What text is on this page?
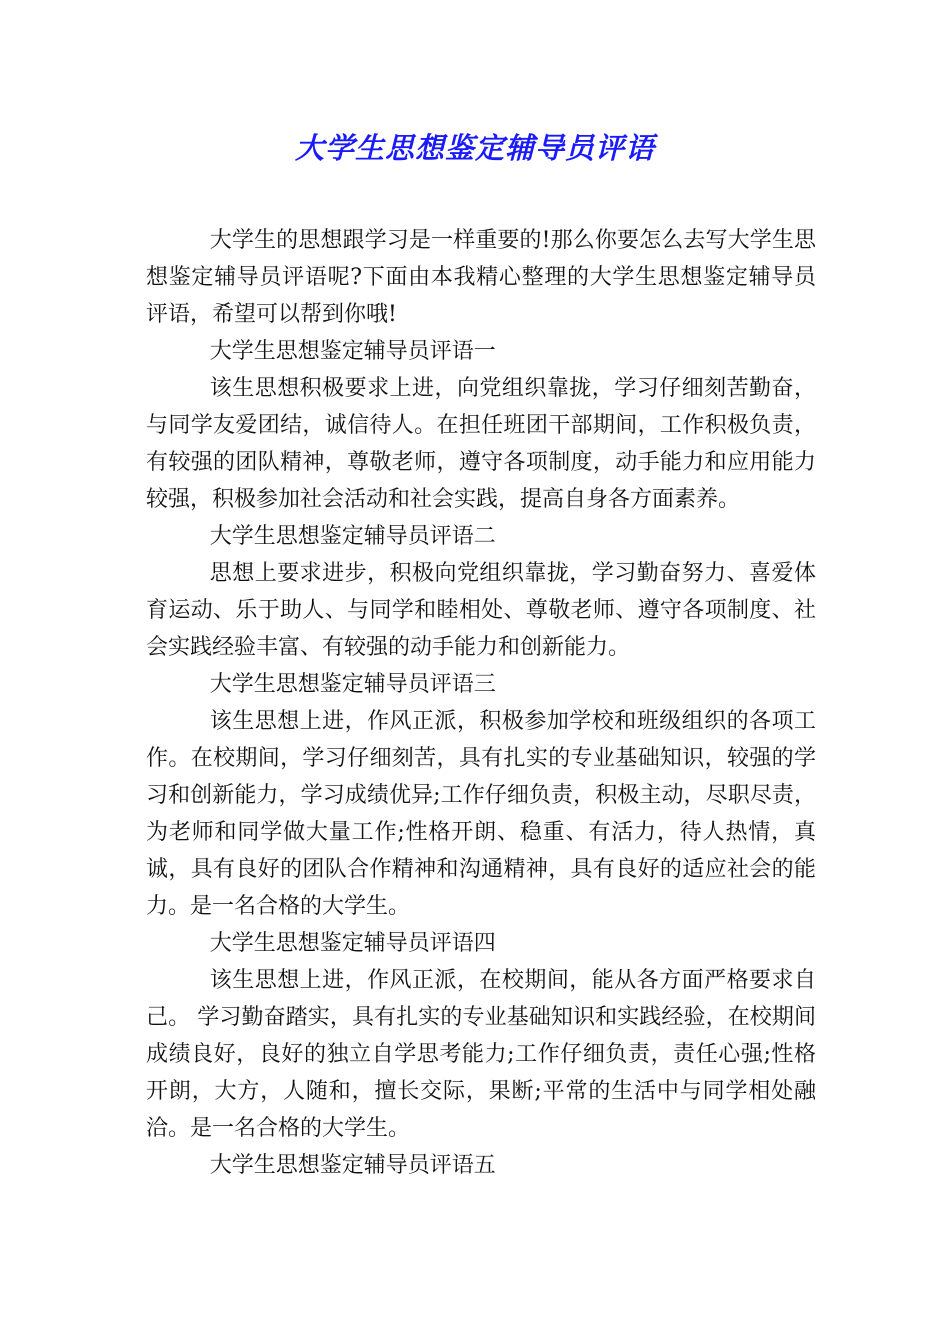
大学生思想鉴定辅导员评语

大学生的思想跟学习是一样重要的!那么你要怎么去写大学生思想鉴定辅导员评语呢?下面由本我精心整理的大学生思想鉴定辅导员评语，希望可以帮到你哦!

大学生思想鉴定辅导员评语一

该生思想积极要求上进，向党组织靠拢，学习仔细刻苦勤奋，与同学友爱团结，诚信待人。在担任班团干部期间，工作积极负责，有较强的团队精神，尊敬老师，遵守各项制度，动手能力和应用能力较强，积极参加社会活动和社会实践，提高自身各方面素养。

大学生思想鉴定辅导员评语二

思想上要求进步，积极向党组织靠拢，学习勤奋努力、喜爱体育运动、乐于助人、与同学和睦相处、尊敬老师、遵守各项制度、社会实践经验丰富、有较强的动手能力和创新能力。

大学生思想鉴定辅导员评语三

该生思想上进，作风正派，积极参加学校和班级组织的各项工作。在校期间，学习仔细刻苦，具有扎实的专业基础知识，较强的学习和创新能力，学习成绩优异;工作仔细负责，积极主动，尽职尽责，为老师和同学做大量工作;性格开朗、稳重、有活力，待人热情，真诚，具有良好的团队合作精神和沟通精神，具有良好的适应社会的能力。是一名合格的大学生。

大学生思想鉴定辅导员评语四

该生思想上进，作风正派，在校期间，能从各方面严格要求自己。 学习勤奋踏实，具有扎实的专业基础知识和实践经验，在校期间成绩良好，良好的独立自学思考能力;工作仔细负责，责任心强;性格开朗，大方，人随和，擅长交际，果断;平常的生活中与同学相处融洽。是一名合格的大学生。

大学生思想鉴定辅导员评语五
